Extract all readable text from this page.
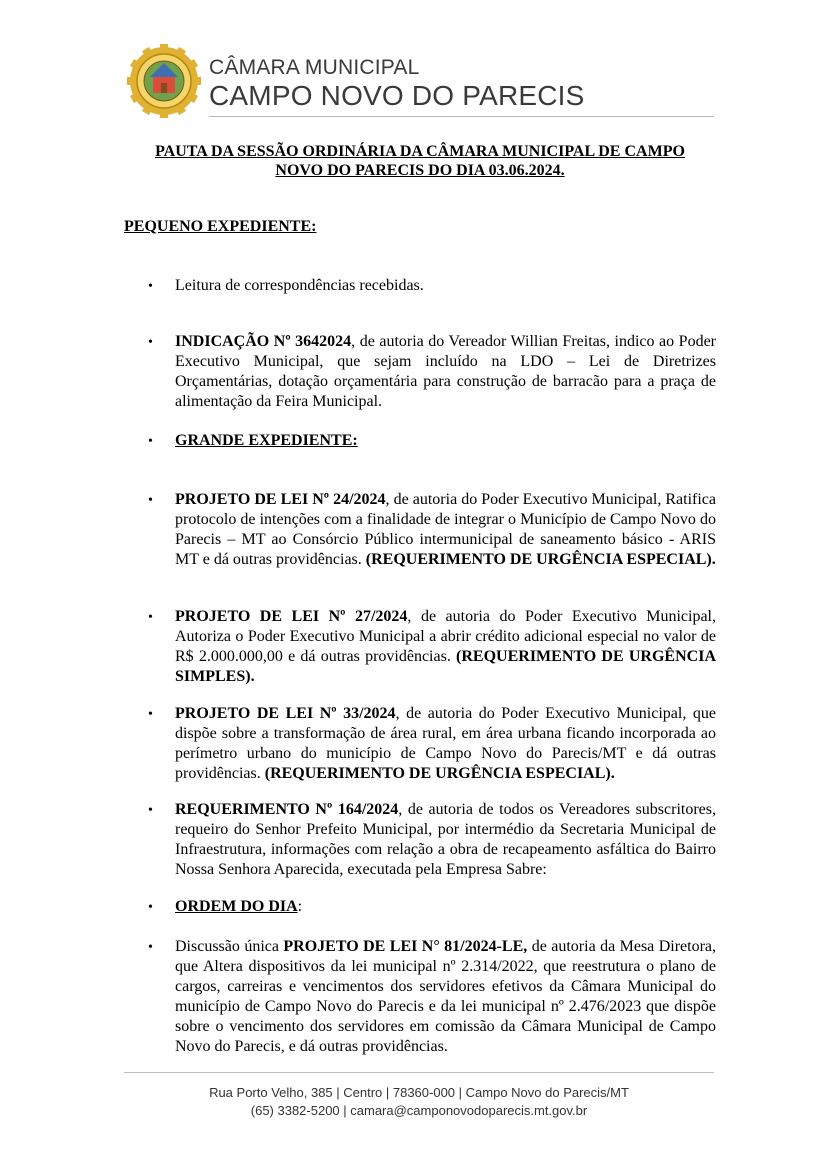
CÂMARA MUNICIPAL
CAMPO NOVO DO PARECIS
PAUTA DA SESSÃO ORDINÁRIA DA CÂMARA MUNICIPAL DE CAMPO
NOVO DO PARECIS DO DIA 03.06.2024.
PEQUENO EXPEDIENTE:
•
Leitura de correspondências recebidas.
•
INDICAÇÃO Nº 3642024, de autoria do Vereador Willian Freitas, indico ao Poder Executivo Municipal, que sejam incluído na LDO – Lei de Diretrizes Orçamentárias, dotação orçamentária para construção de barracão para a praça de alimentação da Feira Municipal.
•
GRANDE EXPEDIENTE:
•
PROJETO DE LEI Nº 24/2024, de autoria do Poder Executivo Municipal, Ratifica protocolo de intenções com a finalidade de integrar o Município de Campo Novo do Parecis – MT ao Consórcio Público intermunicipal de saneamento básico - ARIS MT e dá outras providências. (REQUERIMENTO DE URGÊNCIA ESPECIAL).
•
PROJETO DE LEI Nº 27/2024, de autoria do Poder Executivo Municipal, Autoriza o Poder Executivo Municipal a abrir crédito adicional especial no valor de R$ 2.000.000,00 e dá outras providências. (REQUERIMENTO DE URGÊNCIA SIMPLES).
•
PROJETO DE LEI Nº 33/2024, de autoria do Poder Executivo Municipal, que dispõe sobre a transformação de área rural, em área urbana ficando incorporada ao perímetro urbano do município de Campo Novo do Parecis/MT e dá outras providências. (REQUERIMENTO DE URGÊNCIA ESPECIAL).
•
REQUERIMENTO Nº 164/2024, de autoria de todos os Vereadores subscritores, requeiro do Senhor Prefeito Municipal, por intermédio da Secretaria Municipal de Infraestrutura, informações com relação a obra de recapeamento asfáltica do Bairro Nossa Senhora Aparecida, executada pela Empresa Sabre:
•
ORDEM DO DIA:
•
Discussão única PROJETO DE LEI N° 81/2024-LE, de autoria da Mesa Diretora, que Altera dispositivos da lei municipal nº 2.314/2022, que reestrutura o plano de cargos, carreiras e vencimentos dos servidores efetivos da Câmara Municipal do município de Campo Novo do Parecis e da lei municipal nº 2.476/2023 que dispõe sobre o vencimento dos servidores em comissão da Câmara Municipal de Campo Novo do Parecis, e dá outras providências.
Rua Porto Velho, 385 | Centro | 78360-000 | Campo Novo do Parecis/MT
(65) 3382-5200 | camara@camponovodoparecis.mt.gov.br
